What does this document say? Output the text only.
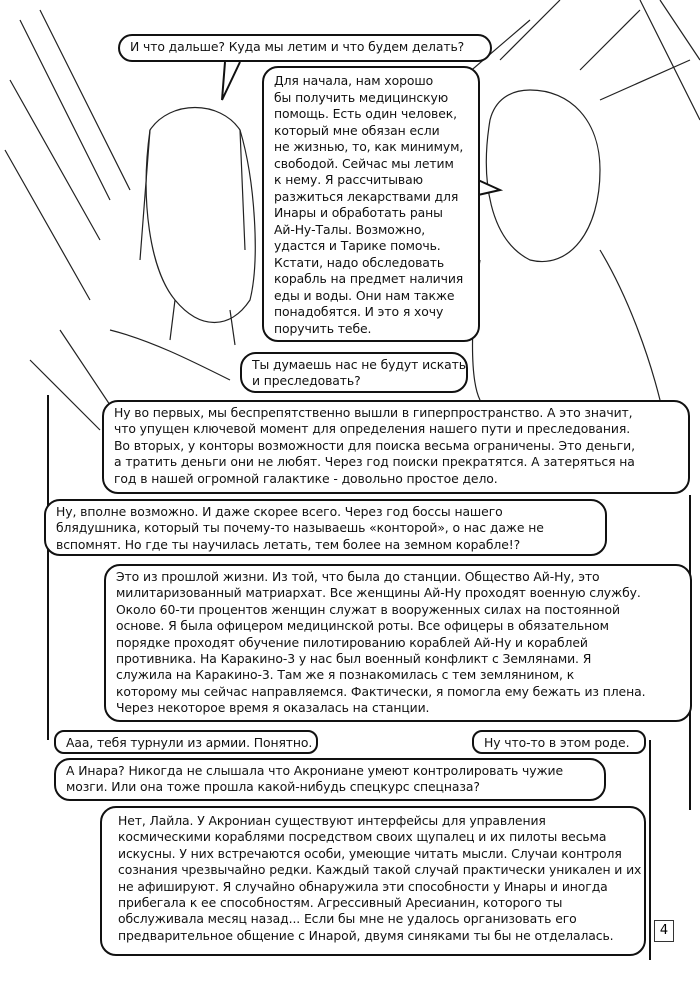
И что дальше? Куда мы летим и что будем делать?
Для начала, нам хорошо
бы получить медицинскую
помощь. Есть один человек,
который мне обязан если
не жизнью, то, как минимум,
свободой. Сейчас мы летим
к нему. Я рассчитываю
разжиться лекарствами для
Инары и обработать раны
Ай-Ну-Талы. Возможно,
удастся и Тарике помочь.
Кстати, надо обследовать
корабль на предмет наличия
еды и воды. Они нам также
понадобятся. И это я хочу
поручить тебе.
Ты думаешь нас не будут искать
и преследовать?
Ну во первых, мы беспрепятственно вышли в гиперпространство. А это значит,
что упущен ключевой момент для определения нашего пути и преследования.
Во вторых, у конторы возможности для поиска весьма ограничены. Это деньги,
а тратить деньги они не любят. Через год поиски прекратятся. А затеряться на
год в нашей огромной галактике - довольно простое дело.
Ну, вполне возможно. И даже скорее всего. Через год боссы нашего
блядушника, который ты почему-то называешь «конторой», о нас даже не
вспомнят. Но где ты научилась летать, тем более на земном корабле!?
Это из прошлой жизни. Из той, что была до станции. Общество Ай-Ну, это
милитаризованный матриархат. Все женщины Ай-Ну проходят военную службу.
Около 60-ти процентов женщин служат в вооруженных силах на постоянной
основе. Я была офицером медицинской роты. Все офицеры в обязательном
порядке проходят обучение пилотированию кораблей Ай-Ну и кораблей
противника. На Каракино-3 у нас был военный конфликт с Землянами. Я
служила на Каракино-3. Там же я познакомилась с тем землянином, к
которому мы сейчас направляемся. Фактически, я помогла ему бежать из плена.
Через некоторое время я оказалась на станции.
Ааа, тебя турнули из армии. Понятно.	Ну что-то в этом роде.
А Инара? Никогда не слышала что Акрониане умеют контролировать чужие
мозги. Или она тоже прошла какой-нибудь спецкурс спецназа?
Нет, Лайла. У Акрониан существуют интерфейсы для управления
космическими кораблями посредством своих щупалец и их пилоты весьма
искусны. У них встречаются особи, умеющие читать мысли. Случаи контроля
сознания чрезвычайно редки. Каждый такой случай практически уникален и их
не афишируют. Я случайно обнаружила эти способности у Инары и иногда
прибегала к ее способностям. Агрессивный Аресианин, которого ты
обслуживала месяц назад... Если бы мне не удалось организовать его
предварительное общение с Инарой, двумя синяками ты бы не отделалась.	4
